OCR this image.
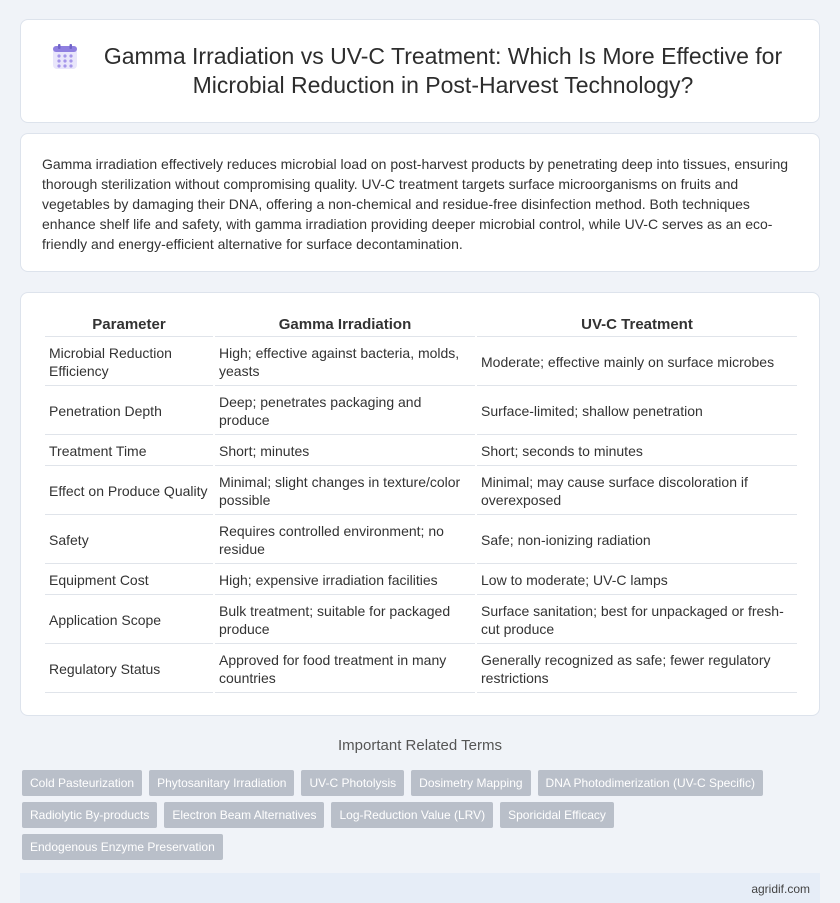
Gamma Irradiation vs UV-C Treatment: Which Is More Effective for Microbial Reduction in Post-Harvest Technology?

Gamma irradiation effectively reduces microbial load on post-harvest products by penetrating deep into tissues, ensuring thorough sterilization without compromising quality. UV-C treatment targets surface microorganisms on fruits and vegetables by damaging their DNA, offering a non-chemical and residue-free disinfection method. Both techniques enhance shelf life and safety, with gamma irradiation providing deeper microbial control, while UV-C serves as an eco-friendly and energy-efficient alternative for surface decontamination.

Parameter	Gamma Irradiation	UV-C Treatment
Microbial Reduction Efficiency	High; effective against bacteria, molds, yeasts	Moderate; effective mainly on surface microbes
Penetration Depth	Deep; penetrates packaging and produce	Surface-limited; shallow penetration
Treatment Time	Short; minutes	Short; seconds to minutes
Effect on Produce Quality	Minimal; slight changes in texture/color possible	Minimal; may cause surface discoloration if overexposed
Safety	Requires controlled environment; no residue	Safe; non-ionizing radiation
Equipment Cost	High; expensive irradiation facilities	Low to moderate; UV-C lamps
Application Scope	Bulk treatment; suitable for packaged produce	Surface sanitation; best for unpackaged or fresh-cut produce
Regulatory Status	Approved for food treatment in many countries	Generally recognized as safe; fewer regulatory restrictions
Important Related Terms
Cold Pasteurization	Phytosanitary Irradiation	UV-C Photolysis	Dosimetry Mapping	DNA Photodimerization (UV-C Specific)
Radiolytic By-products	Electron Beam Alternatives	Log-Reduction Value (LRV)	Sporicidal Efficacy
Endogenous Enzyme Preservation
agridif.com
